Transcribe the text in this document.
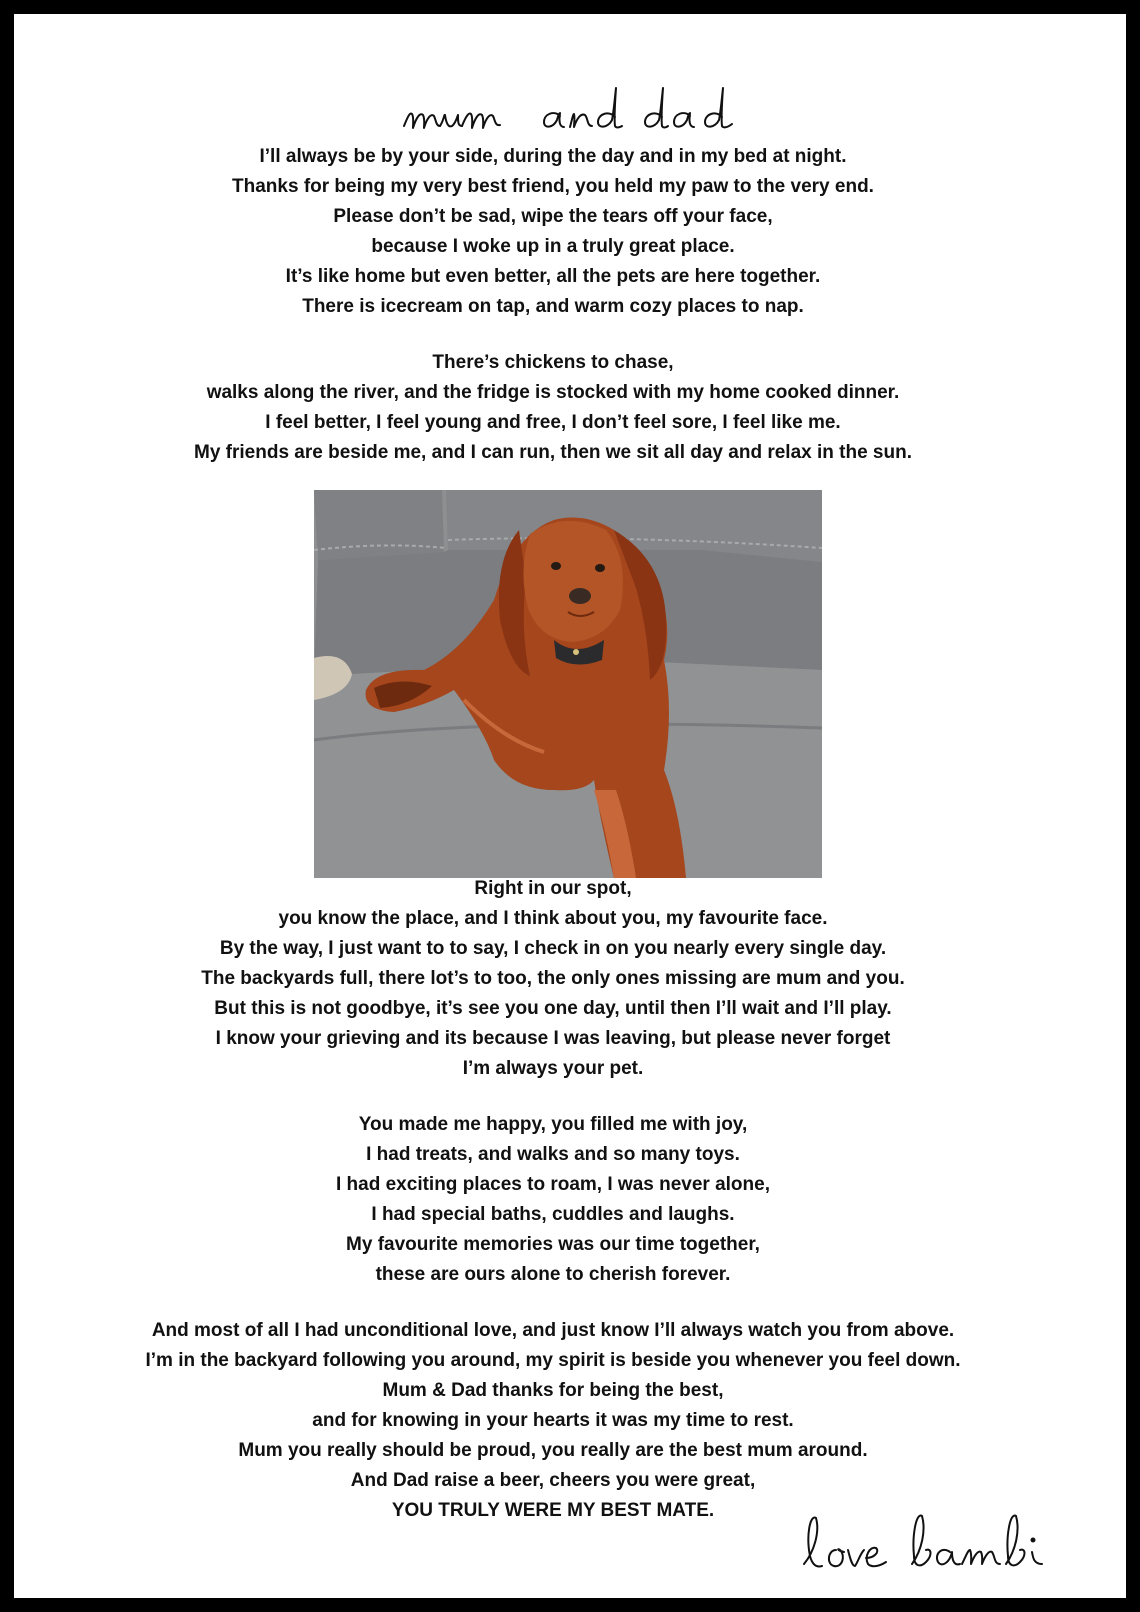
I’ll always be by your side, during the day and in my bed at night.
Thanks for being my very best friend, you held my paw to the very end.
Please don’t be sad, wipe the tears off your face,
because I woke up in a truly great place.
It’s like home but even better, all the pets are here together.
There is icecream on tap, and warm cozy places to nap.
There’s chickens to chase,
walks along the river, and the fridge is stocked with my home cooked dinner.
I feel better, I feel young and free, I don’t feel sore, I feel like me.
My friends are beside me, and I can run, then we sit all day and relax in the sun.
Right in our spot,
you know the place, and I think about you, my favourite face.
By the way, I just want to to say, I check in on you nearly every single day.
The backyards full, there lot’s to too, the only ones missing are mum and you.
But this is not goodbye, it’s see you one day, until then I’ll wait and I’ll play.
I know your grieving and its because I was leaving, but please never forget
I’m always your pet.
You made me happy, you filled me with joy,
I had treats, and walks and so many toys.
I had exciting places to roam, I was never alone,
I had special baths, cuddles and laughs.
My favourite memories was our time together,
these are ours alone to cherish forever.
And most of all I had unconditional love, and just know I’ll always watch you from above.
I’m in the backyard following you around, my spirit is beside you whenever you feel down.
Mum & Dad thanks for being the best,
and for knowing in your hearts it was my time to rest.
Mum you really should be proud, you really are the best mum around.
And Dad raise a beer, cheers you were great,
YOU TRULY WERE MY BEST MATE.
